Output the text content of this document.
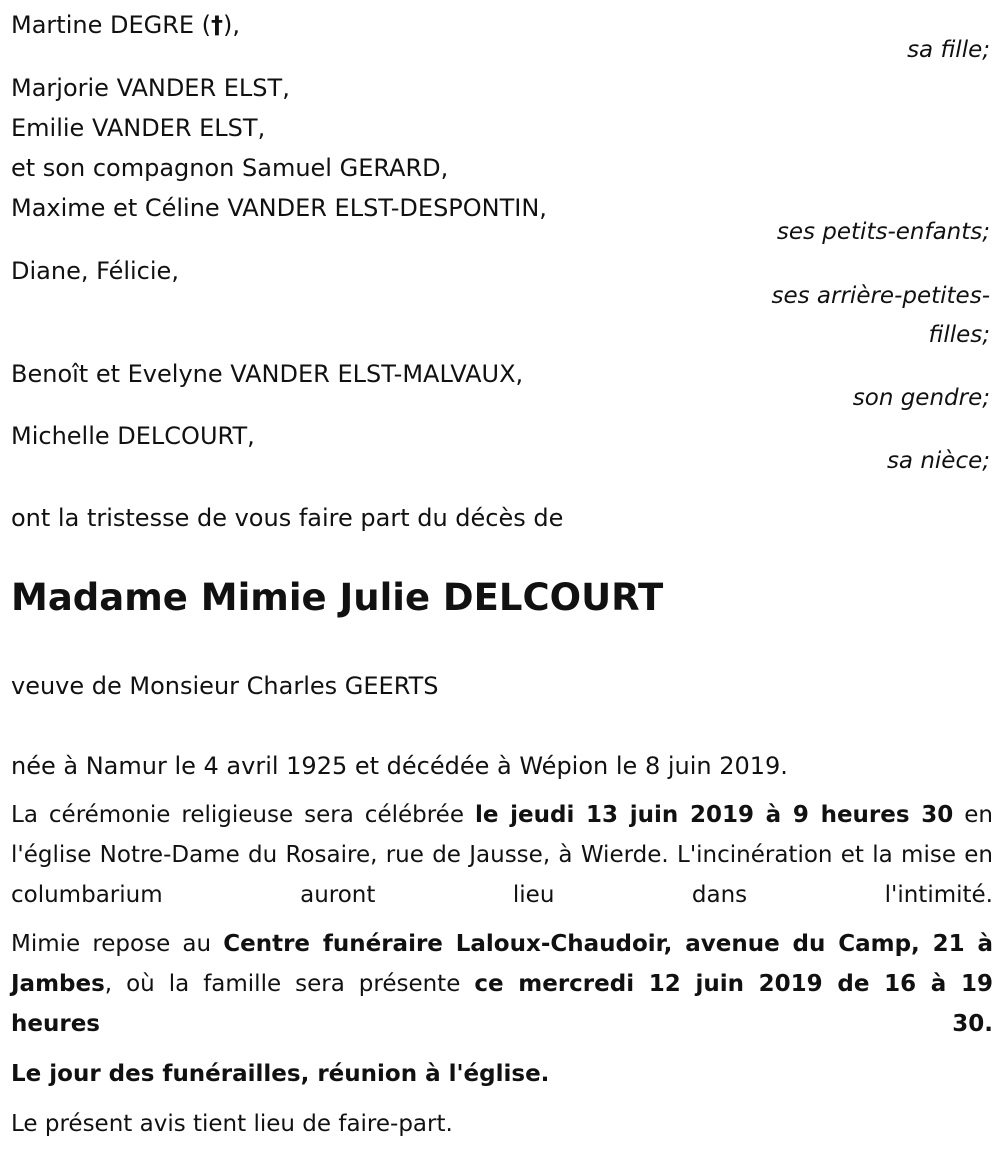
Martine DEGRE (†),
sa fille;
Marjorie VANDER ELST,
Emilie VANDER ELST,
et son compagnon Samuel GERARD,
Maxime et Céline VANDER ELST-DESPONTIN,
ses petits-enfants;
Diane, Félicie,
ses arrière-petites-
filles;
Benoît et Evelyne VANDER ELST-MALVAUX,
son gendre;
Michelle DELCOURT,
sa nièce;
ont la tristesse de vous faire part du décès de
Madame Mimie Julie DELCOURT
veuve de Monsieur Charles GEERTS
née à Namur le 4 avril 1925 et décédée à Wépion le 8 juin 2019.
La cérémonie religieuse sera célébrée le jeudi 13 juin 2019 à 9 heures 30 en l'église Notre-Dame du Rosaire, rue de Jausse, à Wierde. L'incinération et la mise en columbarium auront lieu dans l'intimité.
Mimie repose au Centre funéraire Laloux-Chaudoir, avenue du Camp, 21 à Jambes, où la famille sera présente ce mercredi 12 juin 2019 de 16 à 19 heures 30.
Le jour des funérailles, réunion à l'église.
Le présent avis tient lieu de faire-part.
